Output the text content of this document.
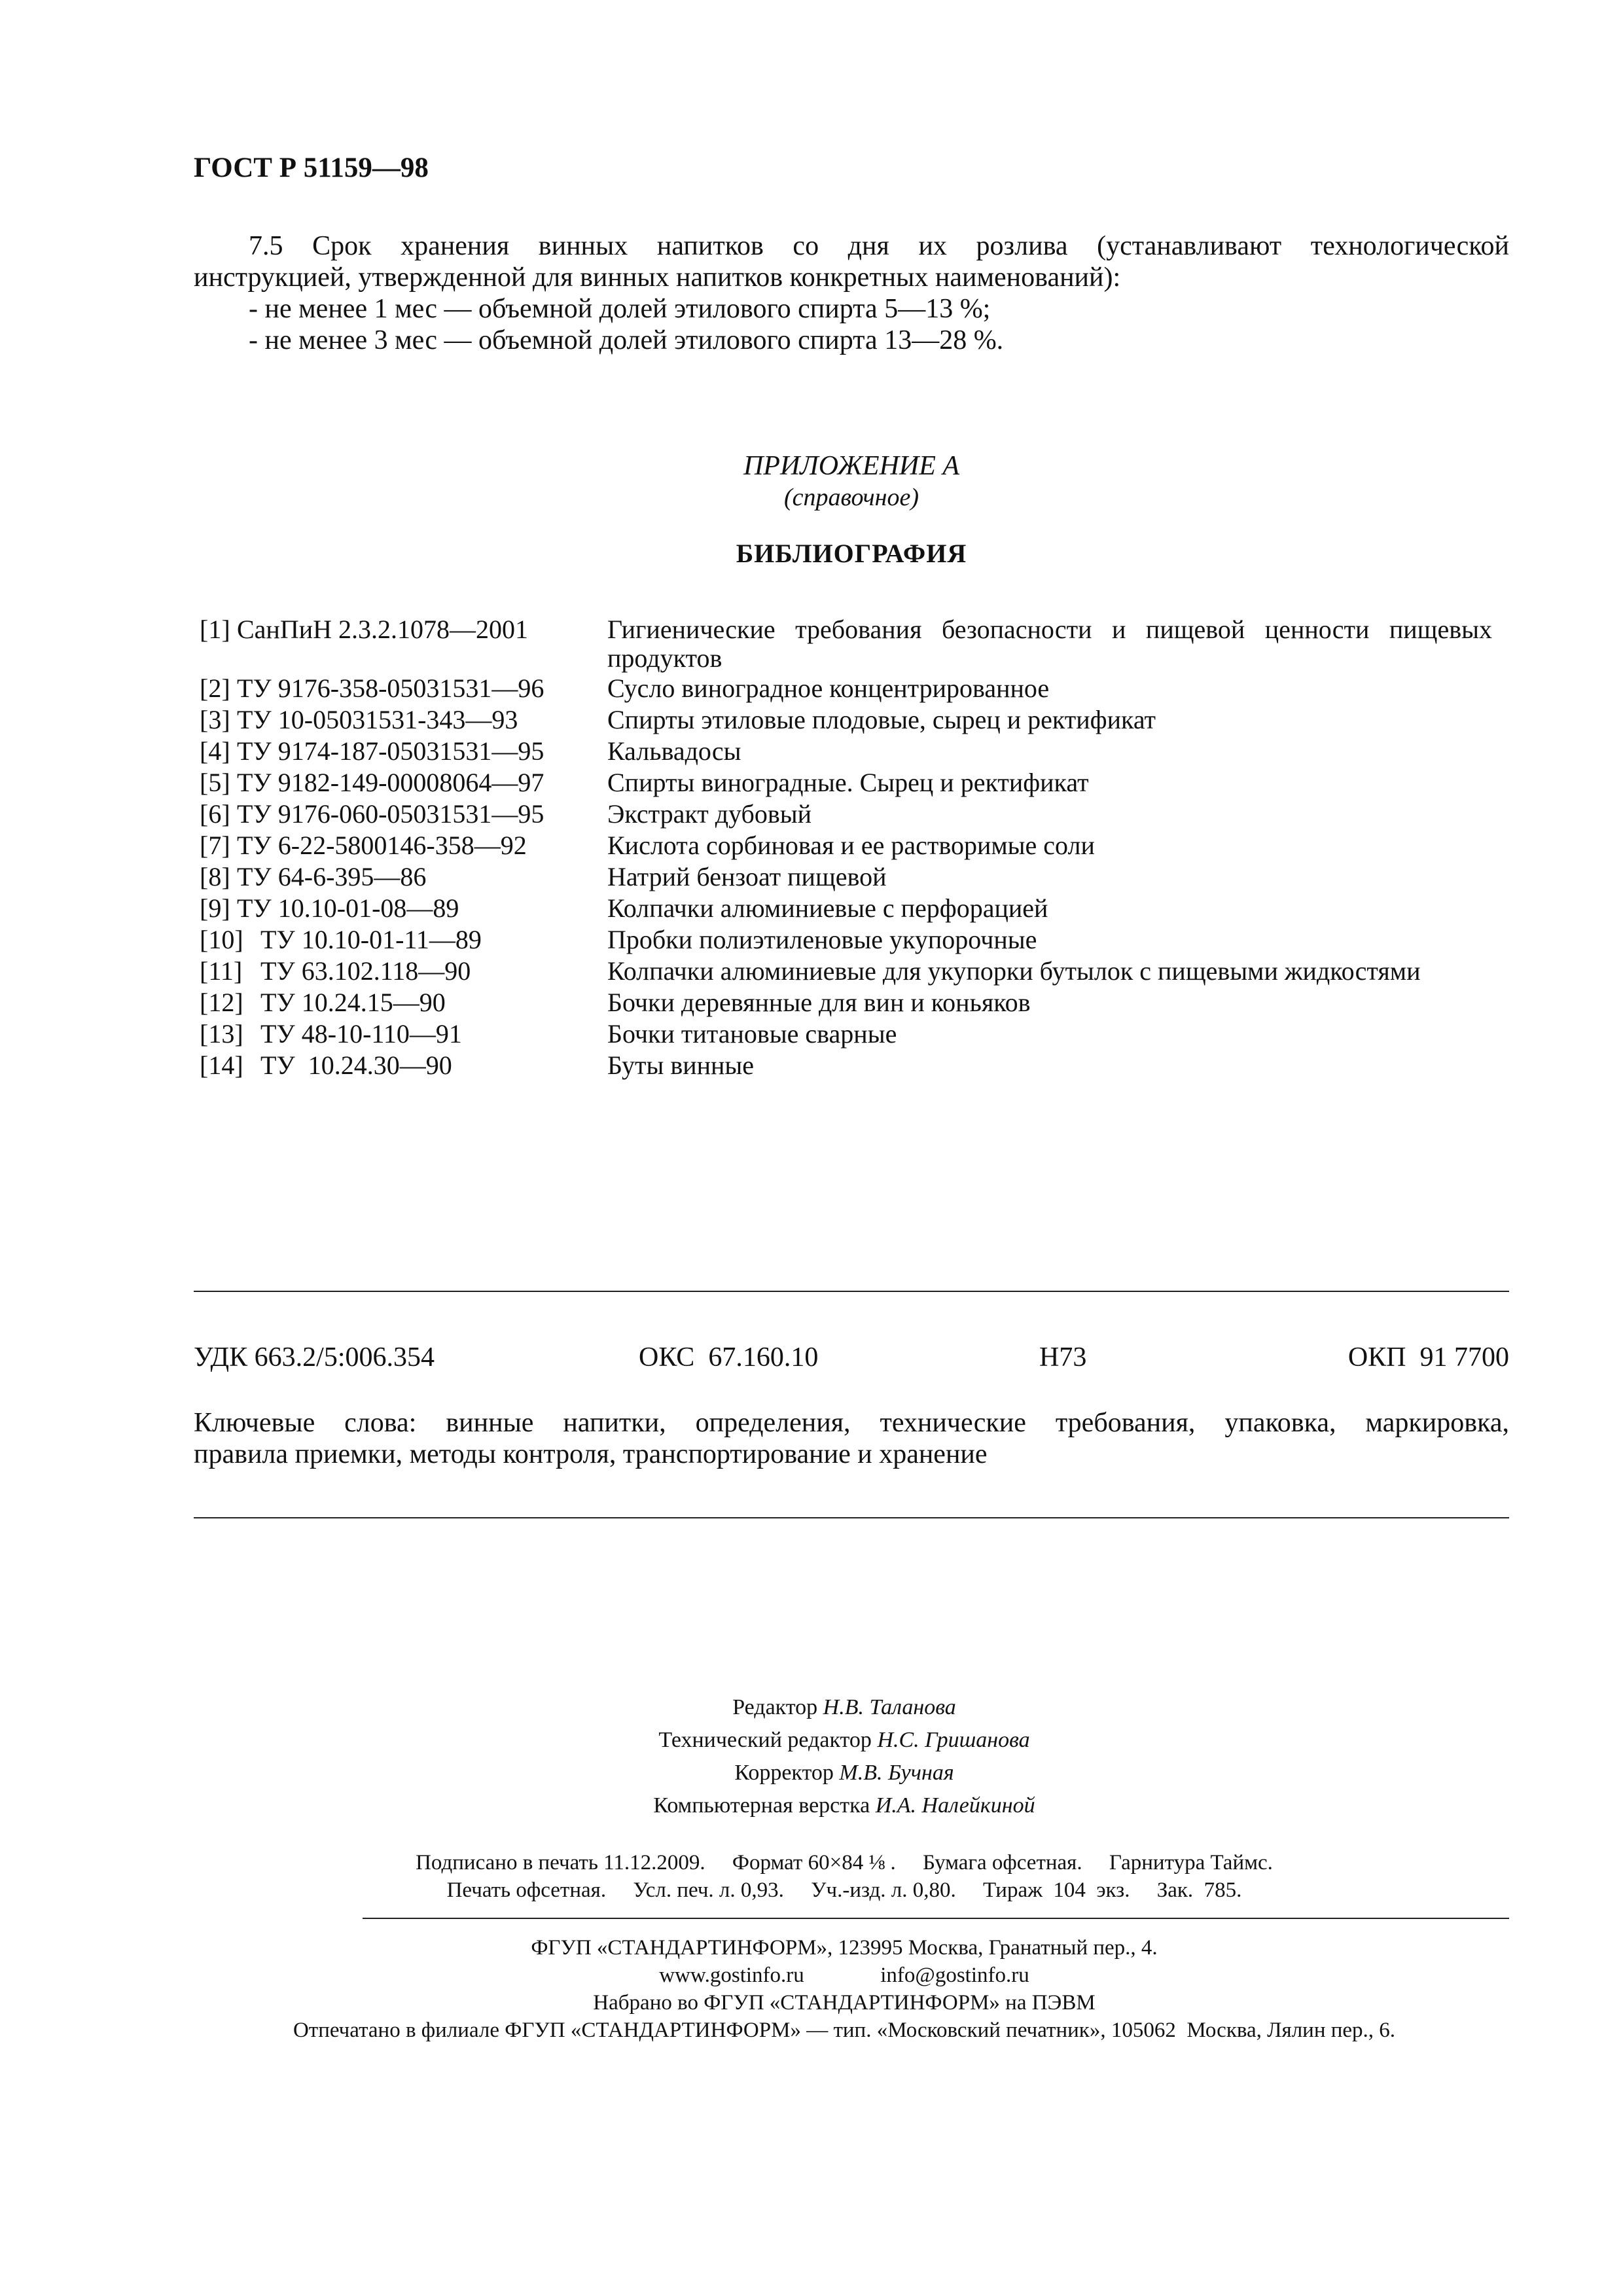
ГОСТ Р 51159—98
7.5 Срок хранения винных напитков со дня их розлива (устанавливают технологической
инструкцией, утвержденной для винных напитков конкретных наименований):
- не менее 1 мес — объемной долей этилового спирта 5—13 %;
- не менее 3 мес — объемной долей этилового спирта 13—28 %.
ПРИЛОЖЕНИЕ А
(справочное)
БИБЛИОГРАФИЯ
[1] СанПиН 2.3.2.1078—2001	Гигиенические требования безопасности и пищевой ценности пищевых
продуктов
[2] ТУ 9176-358-05031531—96 Сусло виноградное концентрированное
[3] ТУ 10-05031531-343—93	Спирты этиловые плодовые, сырец и ректификат
[4] ТУ 9174-187-05031531—95 Кальвадосы
[5] ТУ 9182-149-00008064—97 Спирты виноградные. Сырец и ректификат
[6] ТУ 9176-060-05031531—95 Экстракт дубовый
[7] ТУ 6-22-5800146-358—92	Кислота сорбиновая и ее растворимые соли
[8] ТУ 64-6-395—86	Натрий бензоат пищевой
[9] ТУ 10.10-01-08—89	Колпачки алюминиевые с перфорацией
[10] ТУ 10.10-01-11—89	Пробки полиэтиленовые укупорочные
[11] ТУ 63.102.118—90	Колпачки алюминиевые для укупорки бутылок с пищевыми жидкостями
[12] ТУ 10.24.15—90	Бочки деревянные для вин и коньяков
[13] ТУ 48-10-110—91	Бочки титановые сварные
[14] ТУ  10.24.30—90	Буты винные
УДК 663.2/5:006.354	ОКС  67.160.10	Н73	ОКП  91 7700
Ключевые слова: винные напитки, определения, технические требования, упаковка, маркировка,
правила приемки, методы контроля, транспортирование и хранение
Редактор Н.В. Таланова
Технический редактор Н.С. Гришанова
Корректор М.В. Бучная
Компьютерная верстка И.А. Налейкиной
Подписано в печать 11.12.2009.     Формат 60×84 ⅛ .     Бумага офсетная.     Гарнитура Таймс.
Печать офсетная.     Усл. печ. л. 0,93.     Уч.-изд. л. 0,80.     Тираж  104  экз.     Зак.  785.
ФГУП «СТАНДАРТИНФОРМ», 123995 Москва, Гранатный пер., 4.
www.gostinfo.ru	info@gostinfo.ru
Набрано во ФГУП «СТАНДАРТИНФОРМ» на ПЭВМ
Отпечатано в филиале ФГУП «СТАНДАРТИНФОРМ» — тип. «Московский печатник», 105062  Москва, Лялин пер., 6.
